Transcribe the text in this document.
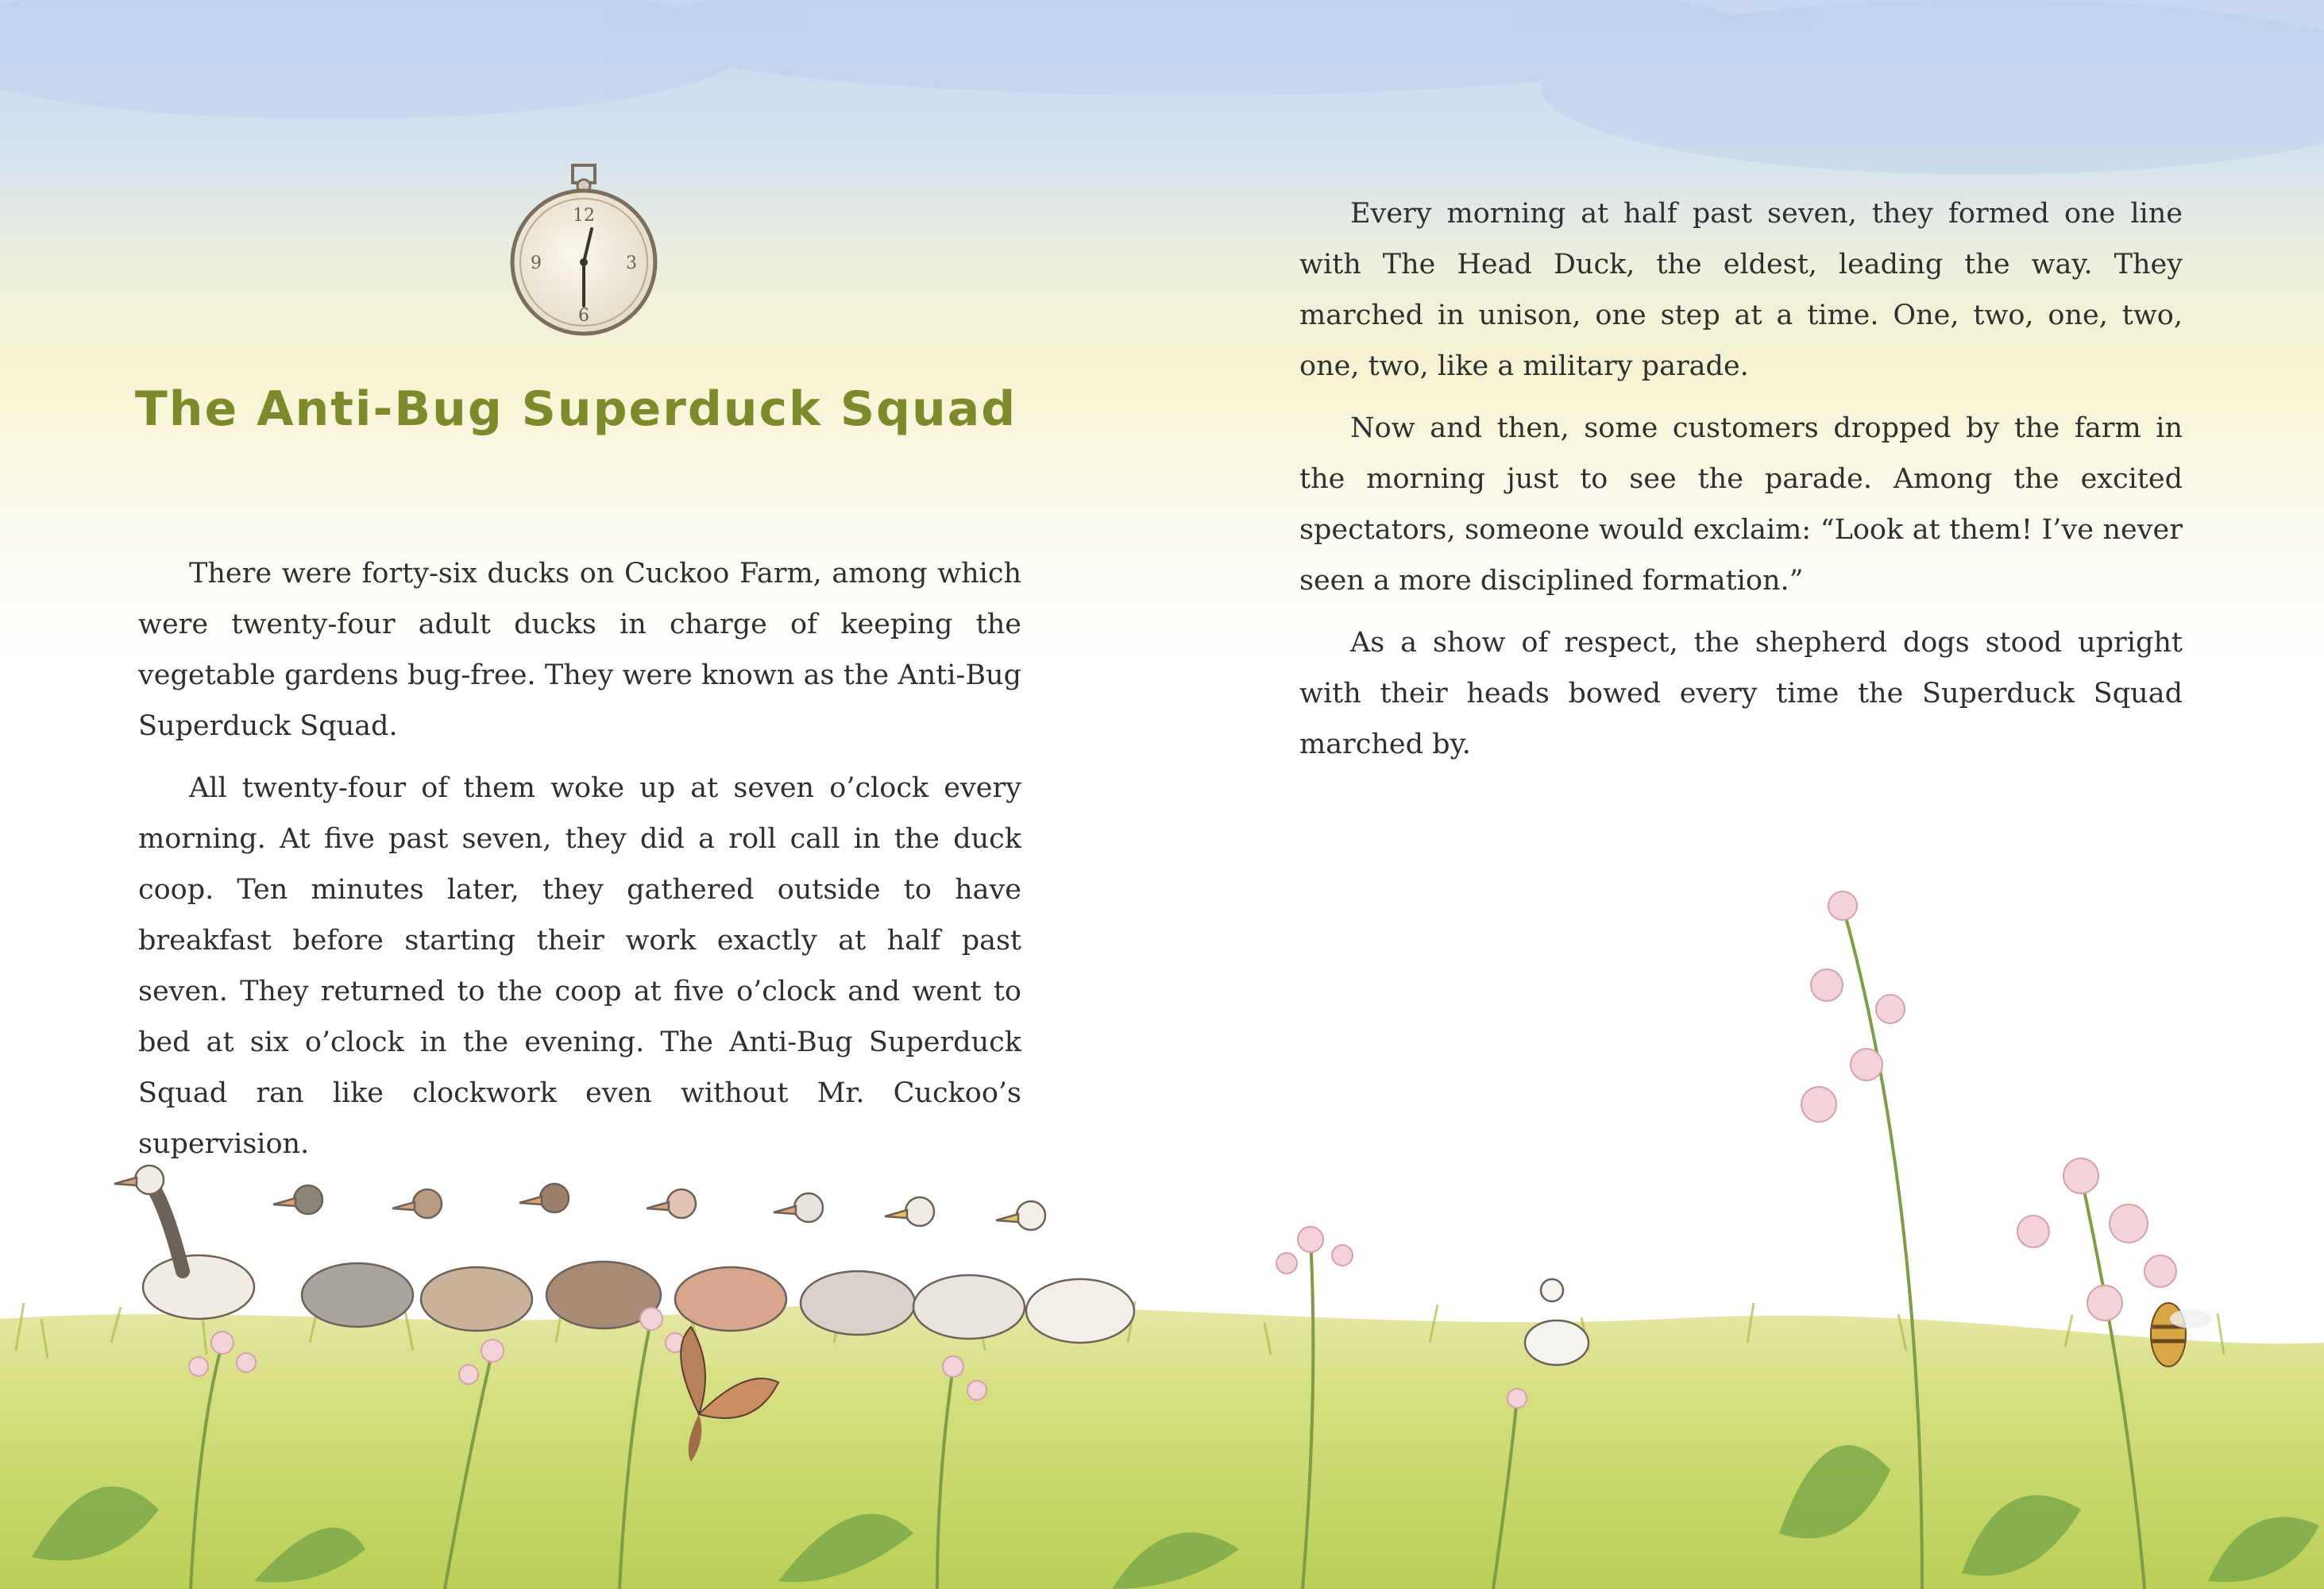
12
3
6
9
The Anti-Bug Superduck Squad

There were forty-six ducks on Cuckoo Farm, among which were twenty-four adult ducks in charge of keeping the vegetable gardens bug-free. They were known as the Anti-Bug Superduck Squad.

All twenty-four of them woke up at seven o’clock every morning. At five past seven, they did a roll call in the duck coop. Ten minutes later, they gathered outside to have breakfast before starting their work exactly at half past seven. They returned to the coop at five o’clock and went to bed at six o’clock in the evening. The Anti-Bug Superduck Squad ran like clockwork even without Mr. Cuckoo’s supervision.

Every morning at half past seven, they formed one line with The Head Duck, the eldest, leading the way. They marched in unison, one step at a time. One, two, one, two, one, two, like a military parade.

Now and then, some customers dropped by the farm in the morning just to see the parade. Among the excited spectators, someone would exclaim: “Look at them! I’ve never seen a more disciplined formation.”

As a show of respect, the shepherd dogs stood upright with their heads bowed every time the Superduck Squad marched by.
